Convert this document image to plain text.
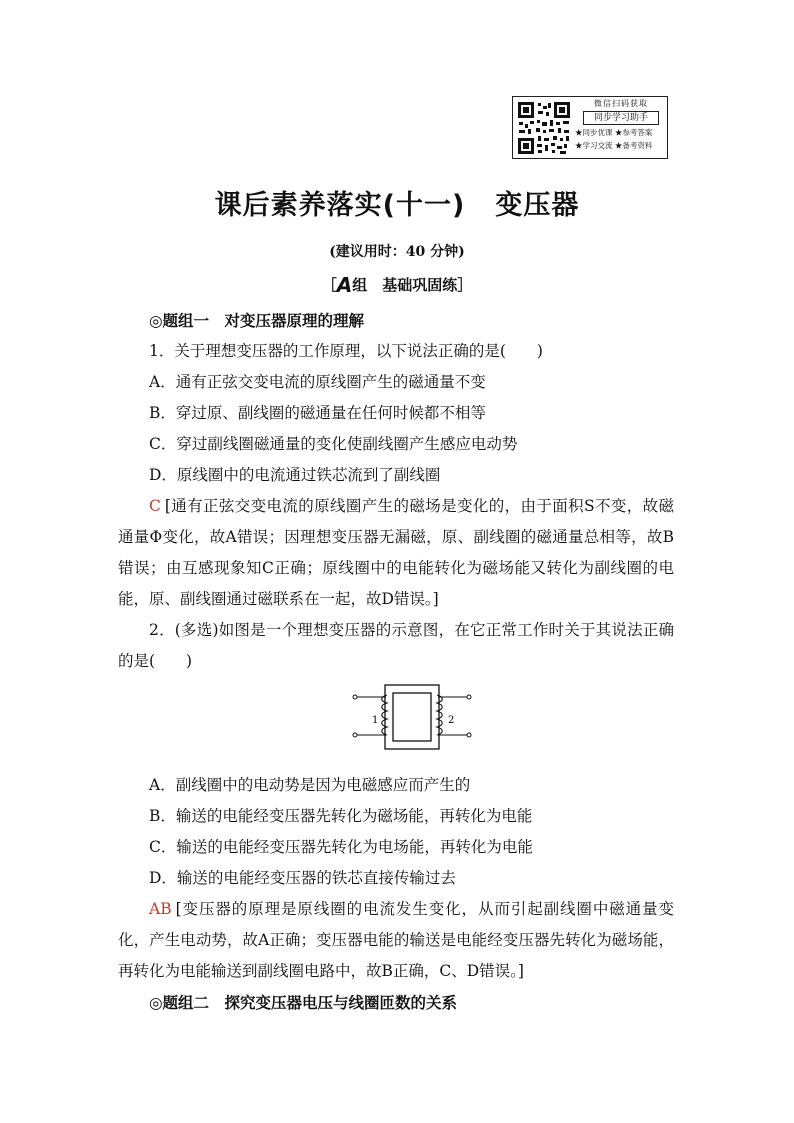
微信扫码获取
同步学习助手
★同步优课 ★参考答案
★学习交流 ★备考资料
课后素养落实(十一) 变压器
(建议用时：40 分钟)
［A组　基础巩固练］

◎题组一　对变压器原理的理解

1．关于理想变压器的工作原理，以下说法正确的是(　　)

A．通有正弦交变电流的原线圈产生的磁通量不变

B．穿过原、副线圈的磁通量在任何时候都不相等

C．穿过副线圈磁通量的变化使副线圈产生感应电动势

D．原线圈中的电流通过铁芯流到了副线圈

C [通有正弦交变电流的原线圈产生的磁场是变化的，由于面积S不变，故磁通量Φ变化，故A错误；因理想变压器无漏磁，原、副线圈的磁通量总相等，故B错误；由互感现象知C正确；原线圈中的电能转化为磁场能又转化为副线圈的电能，原、副线圈通过磁联系在一起，故D错误。]

2．(多选)如图是一个理想变压器的示意图，在它正常工作时关于其说法正确的是(　　)

1	2

A．副线圈中的电动势是因为电磁感应而产生的

B．输送的电能经变压器先转化为磁场能，再转化为电能

C．输送的电能经变压器先转化为电场能，再转化为电能

D．输送的电能经变压器的铁芯直接传输过去

AB [变压器的原理是原线圈的电流发生变化，从而引起副线圈中磁通量变化，产生电动势，故A正确；变压器电能的输送是电能经变压器先转化为磁场能，再转化为电能输送到副线圈电路中，故B正确，C、D错误。]

◎题组二　探究变压器电压与线圈匝数的关系
